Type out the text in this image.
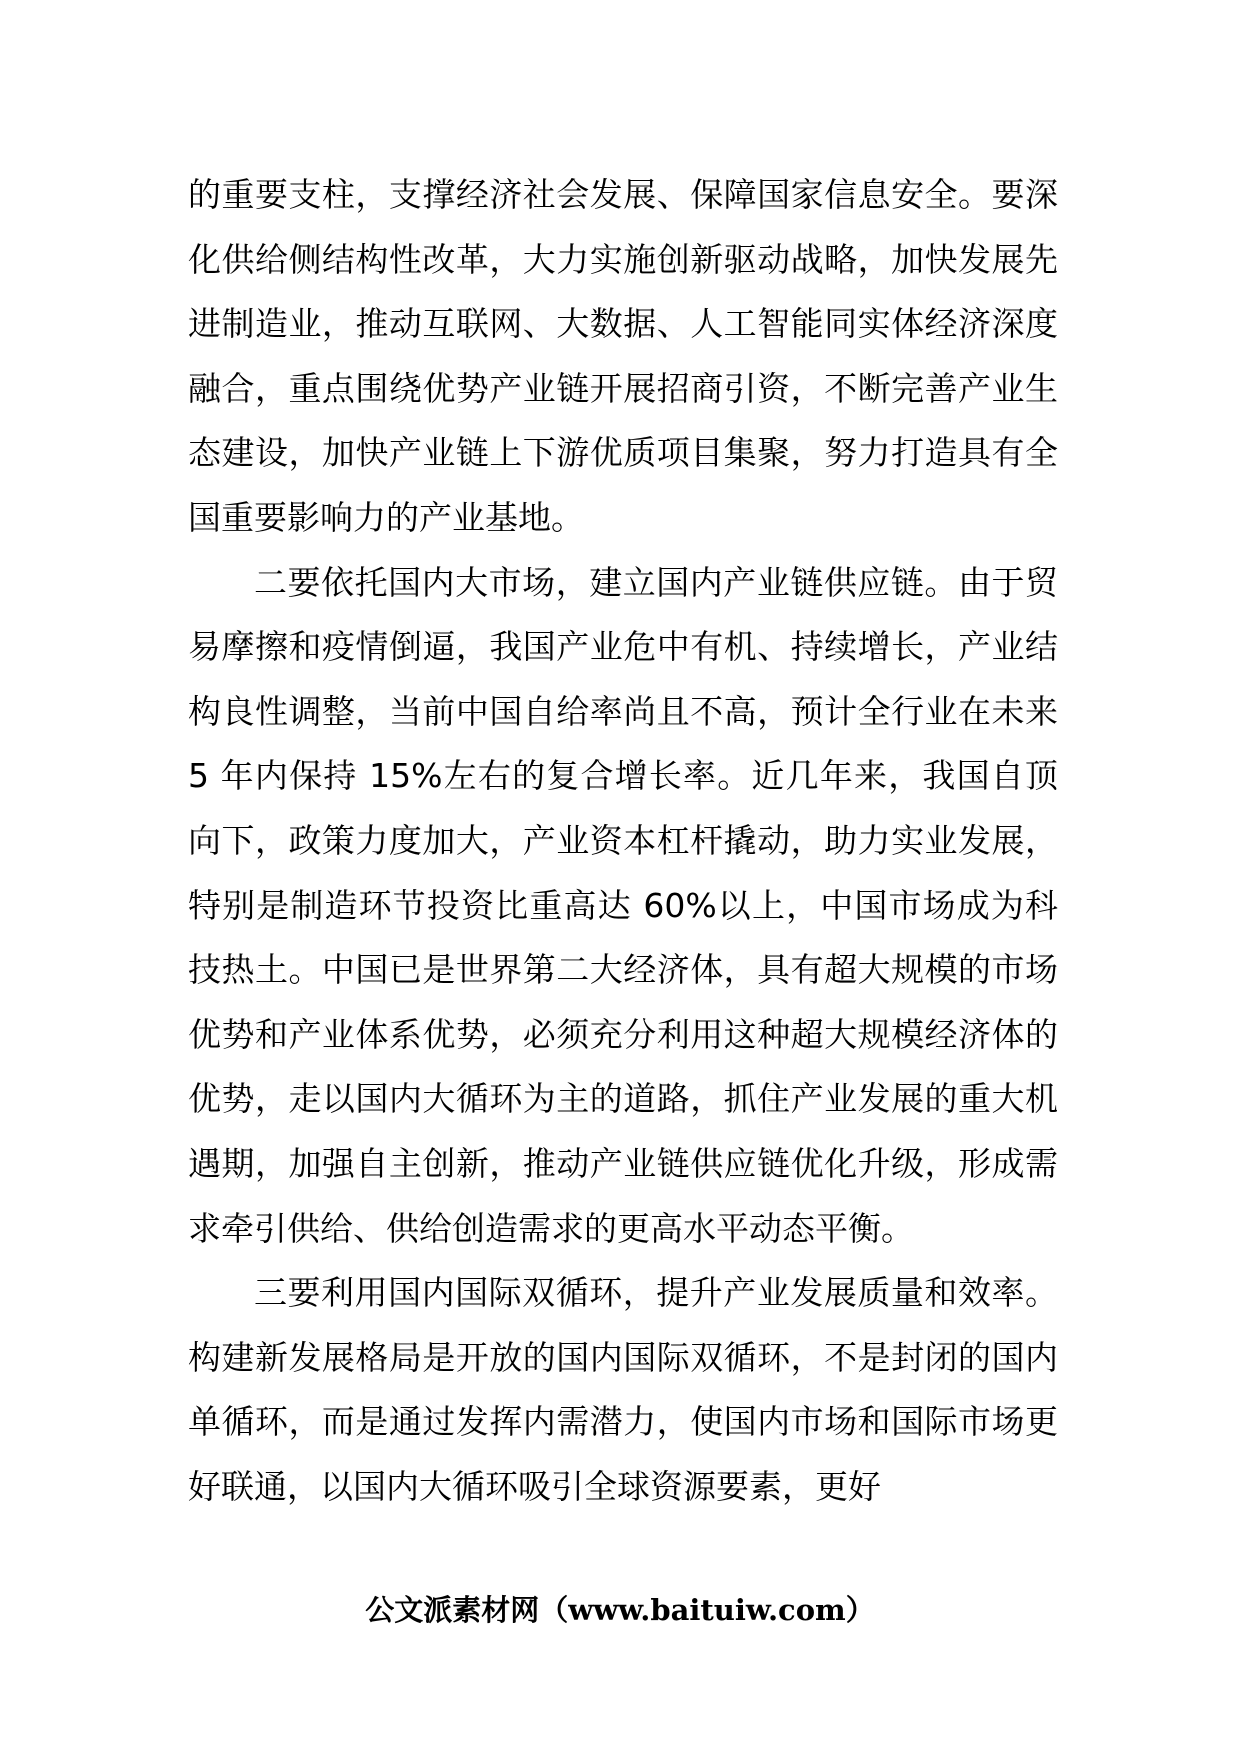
的重要支柱，支撑经济社会发展、保障国家信息安全。要深化供给侧结构性改革，大力实施创新驱动战略，加快发展先进制造业，推动互联网、大数据、人工智能同实体经济深度融合，重点围绕优势产业链开展招商引资，不断完善产业生态建设，加快产业链上下游优质项目集聚，努力打造具有全国重要影响力的产业基地。

二要依托国内大市场，建立国内产业链供应链。由于贸易摩擦和疫情倒逼，我国产业危中有机、持续增长，产业结构良性调整，当前中国自给率尚且不高，预计全行业在未来 5 年内保持 15%左右的复合增长率。近几年来，我国自顶向下，政策力度加大，产业资本杠杆撬动，助力实业发展，特别是制造环节投资比重高达 60%以上，中国市场成为科技热土。中国已是世界第二大经济体，具有超大规模的市场优势和产业体系优势，必须充分利用这种超大规模经济体的优势，走以国内大循环为主的道路，抓住产业发展的重大机遇期，加强自主创新，推动产业链供应链优化升级，形成需求牵引供给、供给创造需求的更高水平动态平衡。

三要利用国内国际双循环，提升产业发展质量和效率。构建新发展格局是开放的国内国际双循环，不是封闭的国内单循环，而是通过发挥内需潜力，使国内市场和国际市场更好联通，以国内大循环吸引全球资源要素，更好

公文派素材网（www.baituiw.com）
